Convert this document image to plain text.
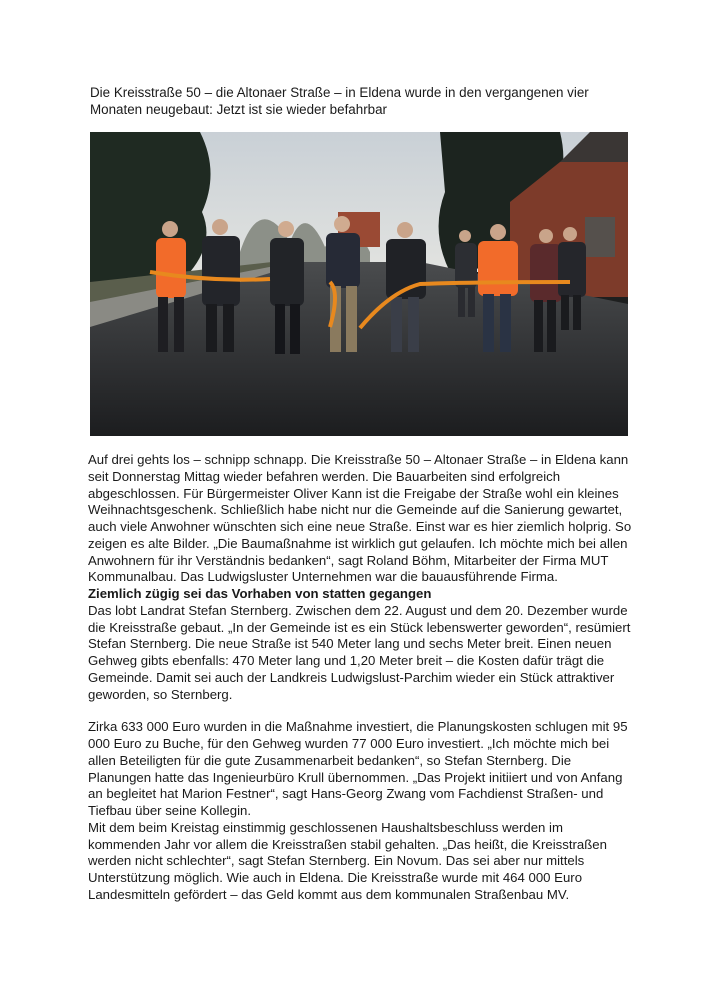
Die Kreisstraße 50 – die Altonaer Straße – in Eldena wurde in den vergangenen vier Monaten neugebaut: Jetzt ist sie wieder befahrbar

Auf drei gehts los – schnipp schnapp. Die Kreisstraße 50 – Altonaer Straße – in Eldena kann seit Donnerstag Mittag wieder befahren werden. Die Bauarbeiten sind erfolgreich abgeschlossen. Für Bürgermeister Oliver Kann ist die Freigabe der Straße wohl ein kleines Weihnachtsgeschenk. Schließlich habe nicht nur die Gemeinde auf die Sanierung gewartet, auch viele Anwohner wünschten sich eine neue Straße. Einst war es hier ziemlich holprig. So zeigen es alte Bilder. „Die Baumaßnahme ist wirklich gut gelaufen. Ich möchte mich bei allen Anwohnern für ihr Verständnis bedanken“, sagt Roland Böhm, Mitarbeiter der Firma MUT Kommunalbau. Das Ludwigsluster Unternehmen war die bauausführende Firma.

Ziemlich zügig sei das Vorhaben von statten gegangen

Das lobt Landrat Stefan Sternberg. Zwischen dem 22. August und dem 20. Dezember wurde die Kreisstraße gebaut. „In der Gemeinde ist es ein Stück lebenswerter geworden“, resümiert Stefan Sternberg. Die neue Straße ist 540 Meter lang und sechs Meter breit. Einen neuen Gehweg gibts ebenfalls: 470 Meter lang und 1,20 Meter breit – die Kosten dafür trägt die Gemeinde. Damit sei auch der Landkreis Ludwigslust-Parchim wieder ein Stück attraktiver geworden, so Sternberg.

Zirka 633 000 Euro wurden in die Maßnahme investiert, die Planungskosten schlugen mit 95 000 Euro zu Buche, für den Gehweg wurden 77 000 Euro investiert. „Ich möchte mich bei allen Beteiligten für die gute Zusammenarbeit bedanken“, so Stefan Sternberg. Die Planungen hatte das Ingenieurbüro Krull übernommen. „Das Projekt initiiert und von Anfang an begleitet hat Marion Festner“, sagt Hans-Georg Zwang vom Fachdienst Straßen- und Tiefbau über seine Kollegin.

Mit dem beim Kreistag einstimmig geschlossenen Haushaltsbeschluss werden im kommenden Jahr vor allem die Kreisstraßen stabil gehalten. „Das heißt, die Kreisstraßen werden nicht schlechter“, sagt Stefan Sternberg. Ein Novum. Das sei aber nur mittels Unterstützung möglich. Wie auch in Eldena. Die Kreisstraße wurde mit 464 000 Euro Landesmitteln gefördert – das Geld kommt aus dem kommunalen Straßenbau MV.
